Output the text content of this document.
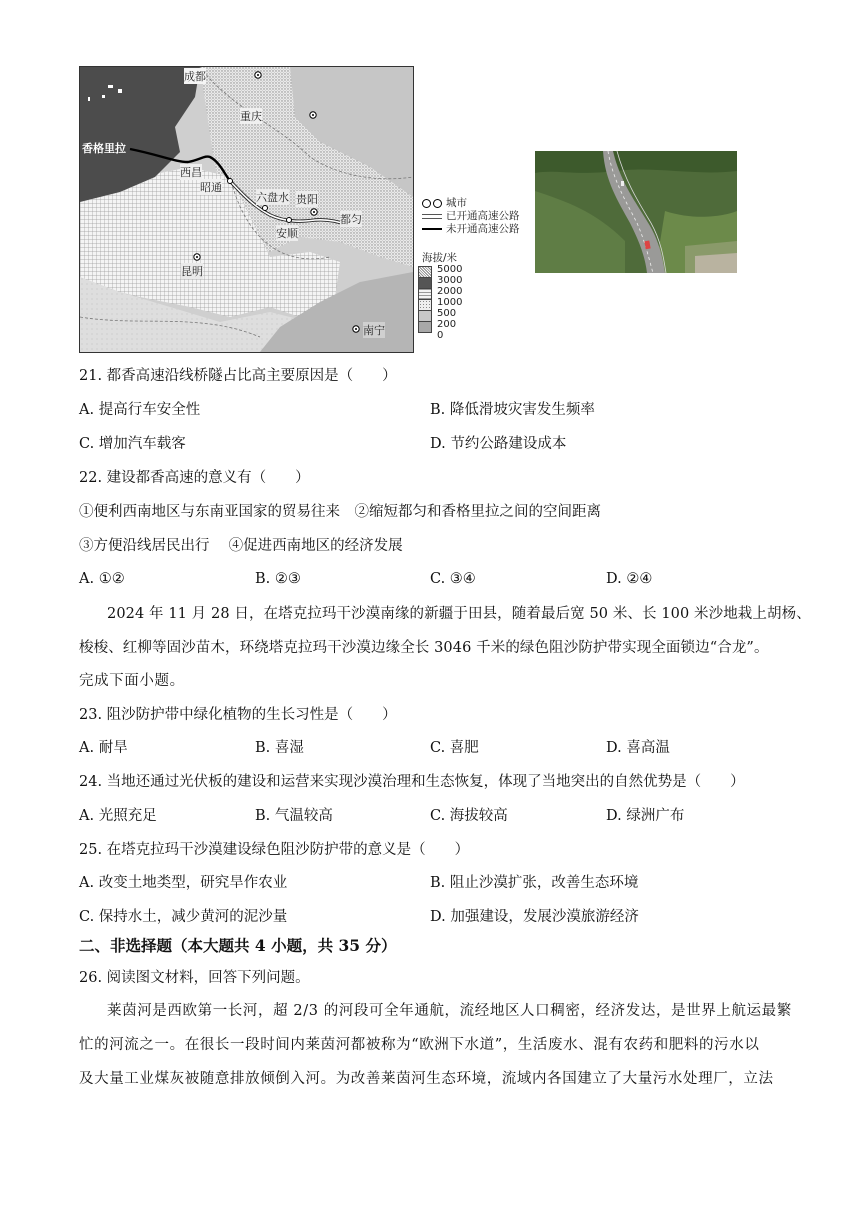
成都
重庆
香格里拉
西昌
昭通
六盘水 贵阳
都匀
安顺
昆明
南宁
城市
已开通高速公路
未开通高速公路
海拔/米
5000
3000
2000
1000
500
200
0
21. 都香高速沿线桥隧占比高主要原因是（　　）
A. 提高行车安全性	B. 降低滑坡灾害发生频率
C. 增加汽车载客	D. 节约公路建设成本
22. 建设都香高速的意义有（　　）
①便利西南地区与东南亚国家的贸易往来　②缩短都匀和香格里拉之间的空间距离
③方便沿线居民出行　 ④促进西南地区的经济发展
A. ①②	B. ②③	C. ③④	D. ②④
2024 年 11 月 28 日，在塔克拉玛干沙漠南缘的新疆于田县，随着最后宽 50 米、长 100 米沙地栽上胡杨、
梭梭、红柳等固沙苗木，环绕塔克拉玛干沙漠边缘全长 3046 千米的绿色阻沙防护带实现全面锁边“合龙”。
完成下面小题。
23. 阻沙防护带中绿化植物的生长习性是（　　）
A. 耐旱	B. 喜湿	C. 喜肥	D. 喜高温
24. 当地还通过光伏板的建设和运营来实现沙漠治理和生态恢复，体现了当地突出的自然优势是（　　）
A. 光照充足	B. 气温较高	C. 海拔较高	D. 绿洲广布
25. 在塔克拉玛干沙漠建设绿色阻沙防护带的意义是（　　）
A. 改变土地类型，研究旱作农业	B. 阻止沙漠扩张，改善生态环境
C. 保持水土，减少黄河的泥沙量	D. 加强建设，发展沙漠旅游经济
二、非选择题（本大题共 4 小题，共 35 分）
26. 阅读图文材料，回答下列问题。
莱茵河是西欧第一长河，超 2/3 的河段可全年通航，流经地区人口稠密，经济发达，是世界上航运最繁
忙的河流之一。在很长一段时间内莱茵河都被称为“欧洲下水道”，生活废水、混有农药和肥料的污水以
及大量工业煤灰被随意排放倾倒入河。为改善莱茵河生态环境，流域内各国建立了大量污水处理厂，立法
